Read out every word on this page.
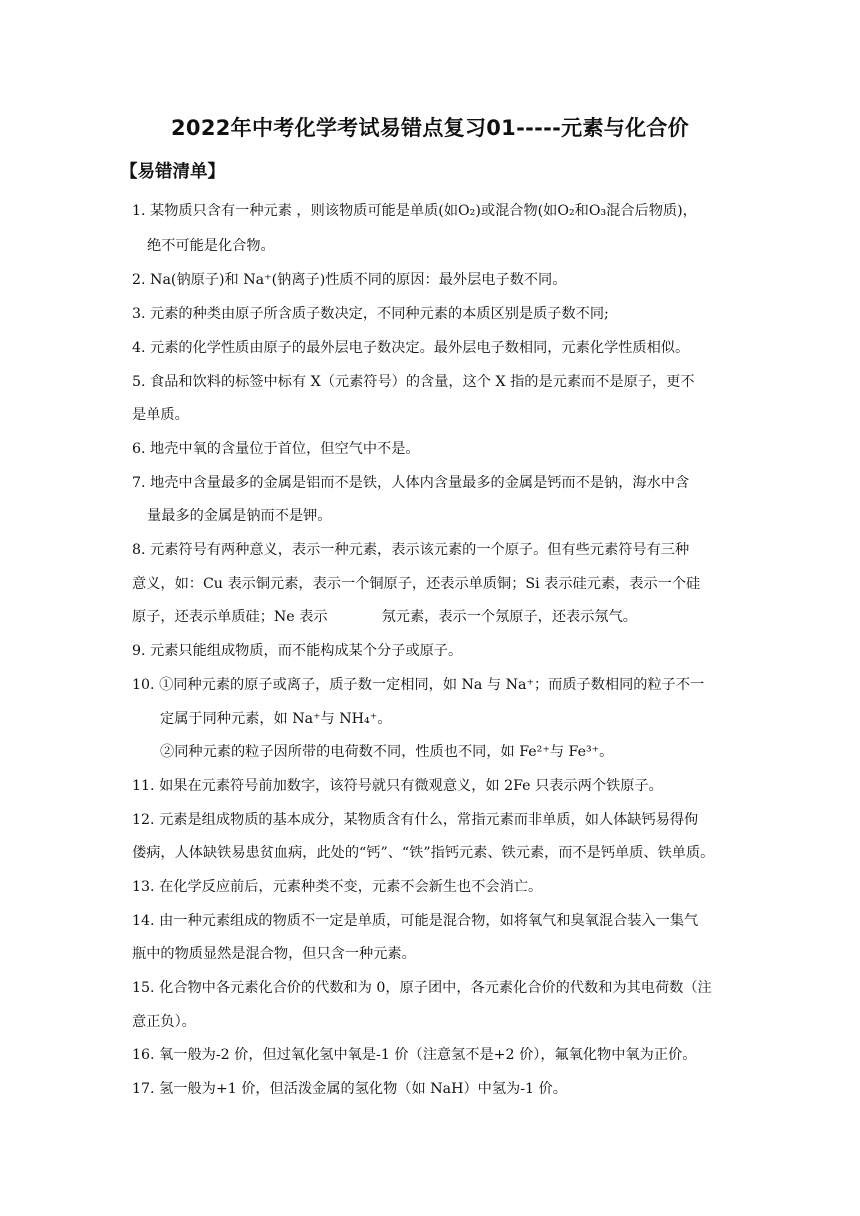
2022年中考化学考试易错点复习01-----元素与化合价
【易错清单】
1. 某物质只含有一种元素 ，则该物质可能是单质(如O₂)或混合物(如O₂和O₃混合后物质)，
绝不可能是化合物。
2. Na(钠原子)和 Na⁺(钠离子)性质不同的原因：最外层电子数不同。
3. 元素的种类由原子所含质子数决定，不同种元素的本质区别是质子数不同;
4. 元素的化学性质由原子的最外层电子数决定。最外层电子数相同，元素化学性质相似。
5. 食品和饮料的标签中标有 X（元素符号）的含量，这个 X 指的是元素而不是原子，更不
是单质。
6. 地壳中氧的含量位于首位，但空气中不是。
7. 地壳中含量最多的金属是铝而不是铁，人体内含量最多的金属是钙而不是钠，海水中含
量最多的金属是钠而不是钾。
8. 元素符号有两种意义，表示一种元素，表示该元素的一个原子。但有些元素符号有三种
意义，如：Cu 表示铜元素，表示一个铜原子，还表示单质铜；Si 表示硅元素，表示一个硅
原子，还表示单质硅；Ne 表示	氖元素，表示一个氖原子，还表示氖气。
9. 元素只能组成物质，而不能构成某个分子或原子。
10. ①同种元素的原子或离子，质子数一定相同，如 Na 与 Na⁺；而质子数相同的粒子不一
定属于同种元素，如 Na⁺与 NH₄⁺。
②同种元素的粒子因所带的电荷数不同，性质也不同，如 Fe²⁺与 Fe³⁺。
11. 如果在元素符号前加数字，该符号就只有微观意义，如 2Fe 只表示两个铁原子。
12. 元素是组成物质的基本成分，某物质含有什么，常指元素而非单质，如人体缺钙易得佝
偻病，人体缺铁易患贫血病，此处的“钙”、“铁”指钙元素、铁元素，而不是钙单质、铁单质。
13. 在化学反应前后，元素种类不变，元素不会新生也不会消亡。
14. 由一种元素组成的物质不一定是单质，可能是混合物，如将氧气和臭氧混合装入一集气
瓶中的物质显然是混合物，但只含一种元素。
15. 化合物中各元素化合价的代数和为 0，原子团中，各元素化合价的代数和为其电荷数（注
意正负）。
16. 氧一般为-2 价，但过氧化氢中氧是-1 价（注意氢不是+2 价），氟氧化物中氧为正价。
17. 氢一般为+1 价，但活泼金属的氢化物（如 NaH）中氢为-1 价。
